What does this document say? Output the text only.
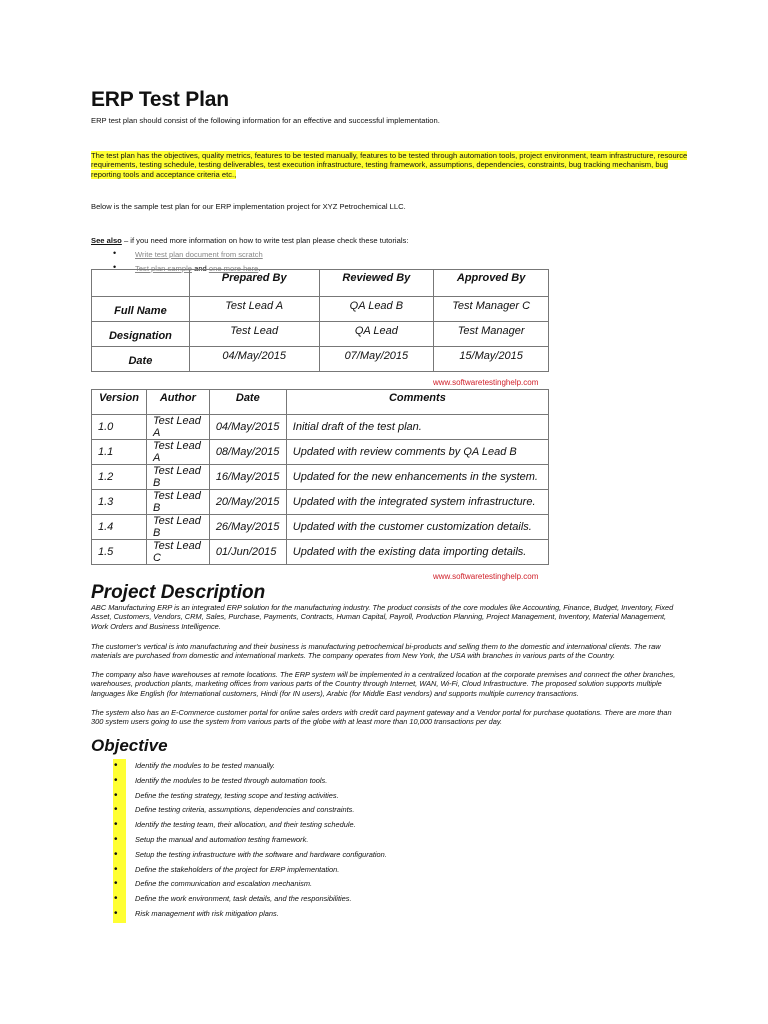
ERP Test Plan
ERP test plan should consist of the following information for an effective and successful implementation.
The test plan has the objectives, quality metrics, features to be tested manually, features to be tested through automation tools, project environment, team infrastructure, resource requirements, testing schedule, testing deliverables, test execution infrastructure, testing framework, assumptions, dependencies, constraints, bug tracking mechanism, bug reporting tools and acceptance criteria etc.,
Below is the sample test plan for our ERP implementation project for XYZ Petrochemical LLC.
See also – if you need more information on how to write test plan please check these tutorials:
• Write test plan document from scratch
• Test plan sample and one more here.
	Prepared By	Reviewed By	Approved By
Full Name	Test Lead A	QA Lead B	Test Manager C
Designation	Test Lead	QA Lead	Test Manager
Date	04/May/2015	07/May/2015	15/May/2015
www.softwaretestinghelp.com
Version	Author	Date	Comments
1.0	Test Lead A	04/May/2015	Initial draft of the test plan.
1.1	Test Lead A	08/May/2015	Updated with review comments by QA Lead B
1.2	Test Lead B	16/May/2015	Updated for the new enhancements in the system.
1.3	Test Lead B	20/May/2015	Updated with the integrated system infrastructure.
1.4	Test Lead B	26/May/2015	Updated with the customer customization details.
1.5	Test Lead C	01/Jun/2015	Updated with the existing data importing details.
www.softwaretestinghelp.com
Project Description
ABC Manufacturing ERP is an integrated ERP solution for the manufacturing industry. The product consists of the core modules like Accounting, Finance, Budget, Inventory, Fixed Asset, Customers, Vendors, CRM, Sales, Purchase, Payments, Contracts, Human Capital, Payroll, Production Planning, Project Management, Inventory, Material Management, Work Orders and Business Intelligence.
The customer's vertical is into manufacturing and their business is manufacturing petrochemical bi-products and selling them to the domestic and international clients. The raw materials are purchased from domestic and international markets. The company operates from New York, the USA with branches in various parts of the Country.
The company also have warehouses at remote locations. The ERP system will be implemented in a centralized location at the corporate premises and connect the other branches, warehouses, production plants, marketing offices from various parts of the Country through Internet, WAN, Wi-Fi, Cloud Infrastructure. The proposed solution supports multiple languages like English (for International customers, Hindi (for IN users), Arabic (for Middle East vendors) and supports multiple currency transactions.
The system also has an E-Commerce customer portal for online sales orders with credit card payment gateway and a Vendor portal for purchase quotations. There are more than 300 system users going to use the system from various parts of the globe with at least more than 10,000 transactions per day.
Objective
•	Identify the modules to be tested manually.
•	Identify the modules to be tested through automation tools.
•	Define the testing strategy, testing scope and testing activities.
•	Define testing criteria, assumptions, dependencies and constraints.
•	Identify the testing team, their allocation, and their testing schedule.
•	Setup the manual and automation testing framework.
•	Setup the testing infrastructure with the software and hardware configuration.
•	Define the stakeholders of the project for ERP implementation.
•	Define the communication and escalation mechanism.
•	Define the work environment, task details, and the responsibilities.
•	Risk management with risk mitigation plans.
